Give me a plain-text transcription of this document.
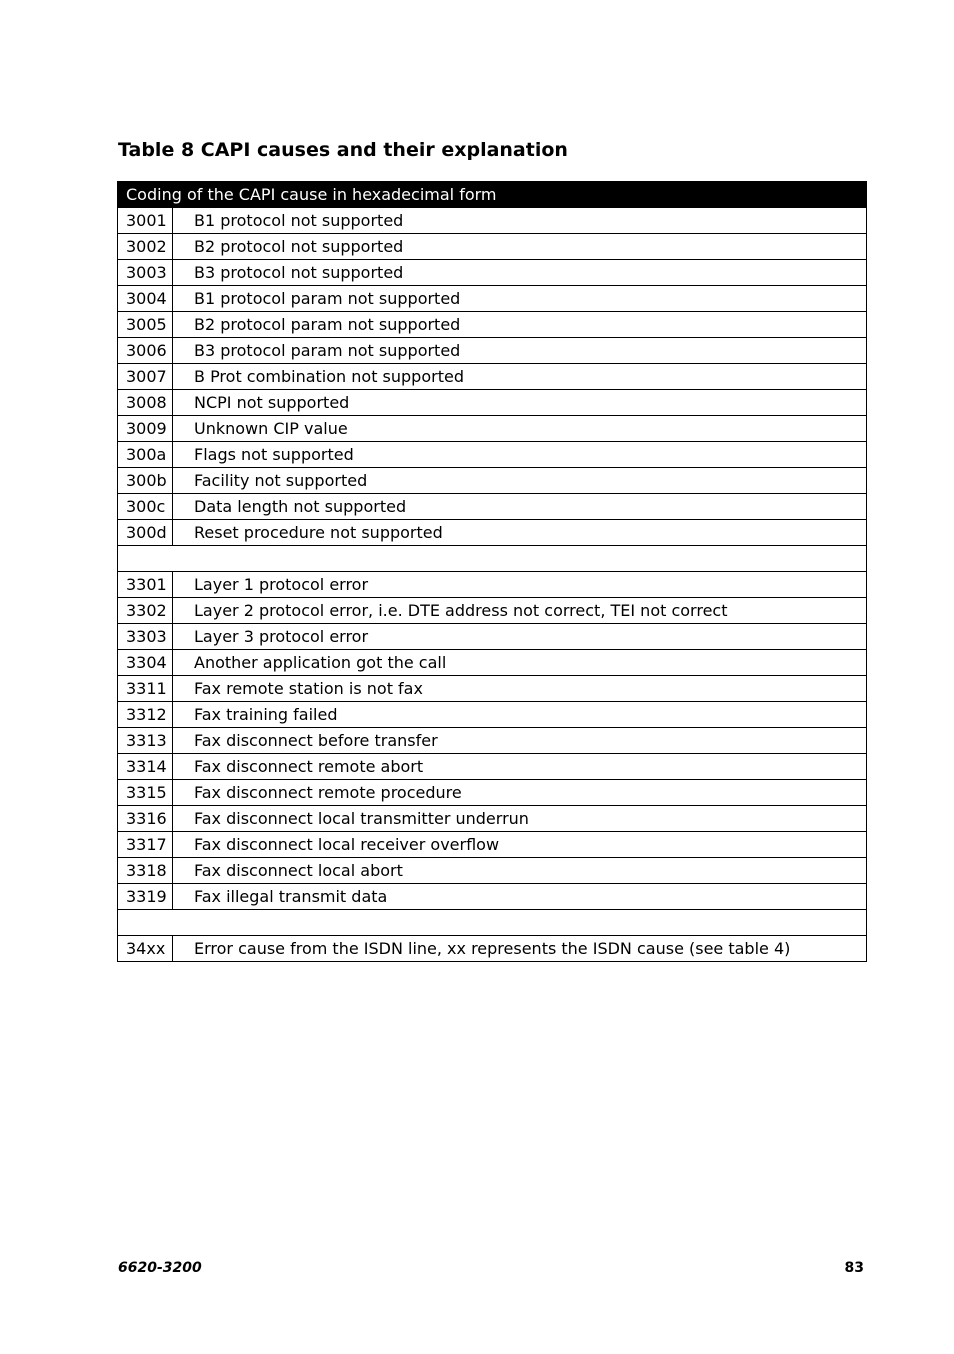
Table 8 CAPI causes and their explanation
Coding of the CAPI cause in hexadecimal form	
3001	B1 protocol not supported
3002	B2 protocol not supported
3003	B3 protocol not supported
3004	B1 protocol param not supported
3005	B2 protocol param not supported
3006	B3 protocol param not supported
3007	B Prot combination not supported
3008	NCPI not supported
3009	Unknown CIP value
300a	Flags not supported
300b	Facility not supported
300c	Data length not supported
300d	Reset procedure not supported

3301	Layer 1 protocol error
3302	Layer 2 protocol error, i.e. DTE address not correct, TEI not correct
3303	Layer 3 protocol error
3304	Another application got the call
3311	Fax remote station is not fax
3312	Fax training failed
3313	Fax disconnect before transfer
3314	Fax disconnect remote abort
3315	Fax disconnect remote procedure
3316	Fax disconnect local transmitter underrun
3317	Fax disconnect local receiver overflow
3318	Fax disconnect local abort
3319	Fax illegal transmit data

34xx	Error cause from the ISDN line, xx represents the ISDN cause (see table 4)
6620-3200	83
